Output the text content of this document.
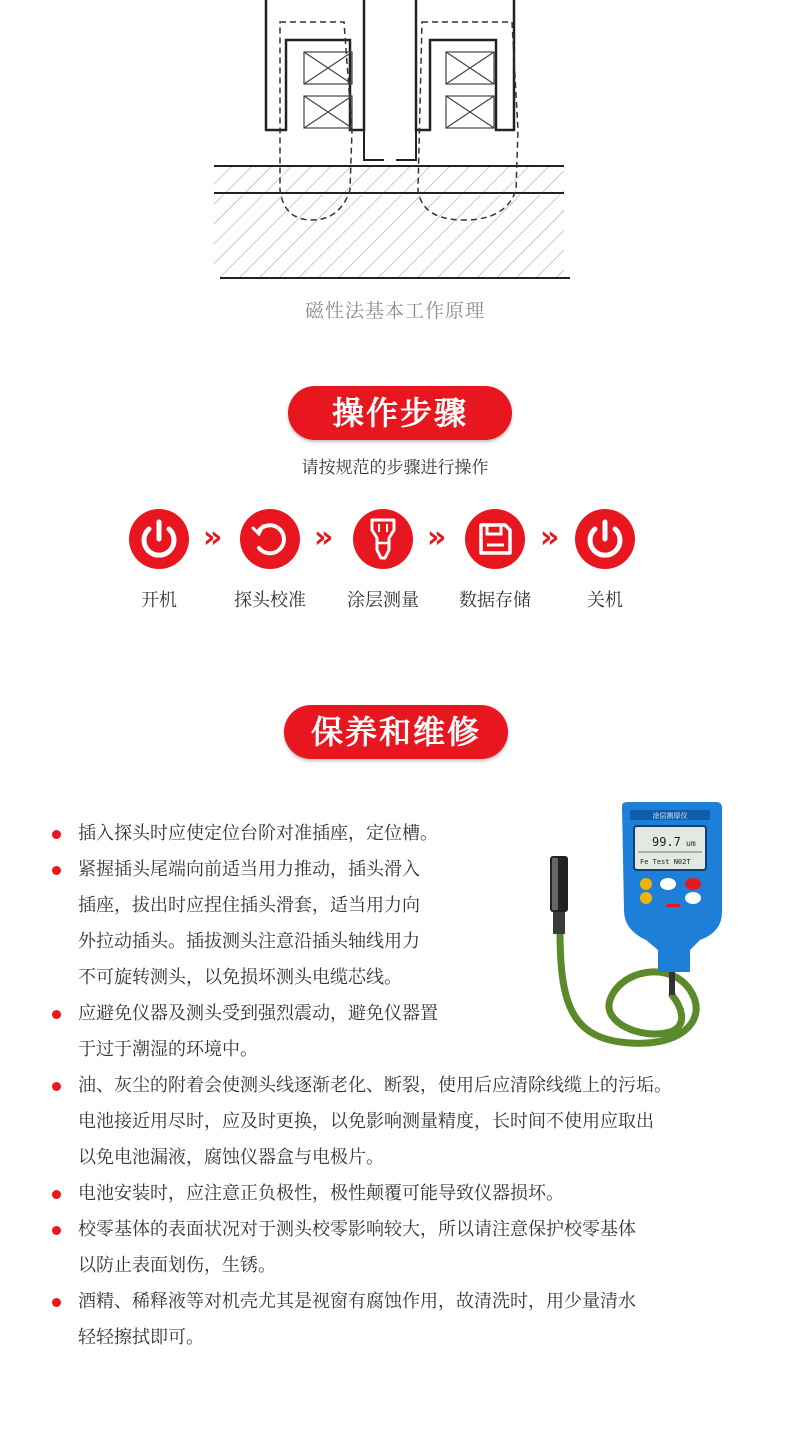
磁性法基本工作原理
操作步骤
请按规范的步骤进行操作
开机
»
探头校准
»
涂层测量
»
数据存储
»
关机
保养和维修
插入探头时应使定位台阶对准插座，定位槽。
紧握插头尾端向前适当用力推动，插头滑入
插座，拔出时应捏住插头滑套，适当用力向
外拉动插头。插拔测头注意沿插头轴线用力
不可旋转测头，以免损坏测头电缆芯线。
应避免仪器及测头受到强烈震动，避免仪器置
于过于潮湿的环境中。
油、灰尘的附着会使测头线逐渐老化、断裂，使用后应清除线缆上的污垢。
电池接近用尽时，应及时更换，以免影响测量精度，长时间不使用应取出
以免电池漏液，腐蚀仪器盒与电极片。
电池安装时，应注意正负极性，极性颠覆可能导致仪器损坏。
校零基体的表面状况对于测头校零影响较大，所以请注意保护校零基体
以防止表面划伤，生锈。
酒精、稀释液等对机壳尤其是视窗有腐蚀作用，故清洗时，用少量清水
轻轻擦拭即可。
涂层测厚仪
99.7 um
Fe Test N02T
